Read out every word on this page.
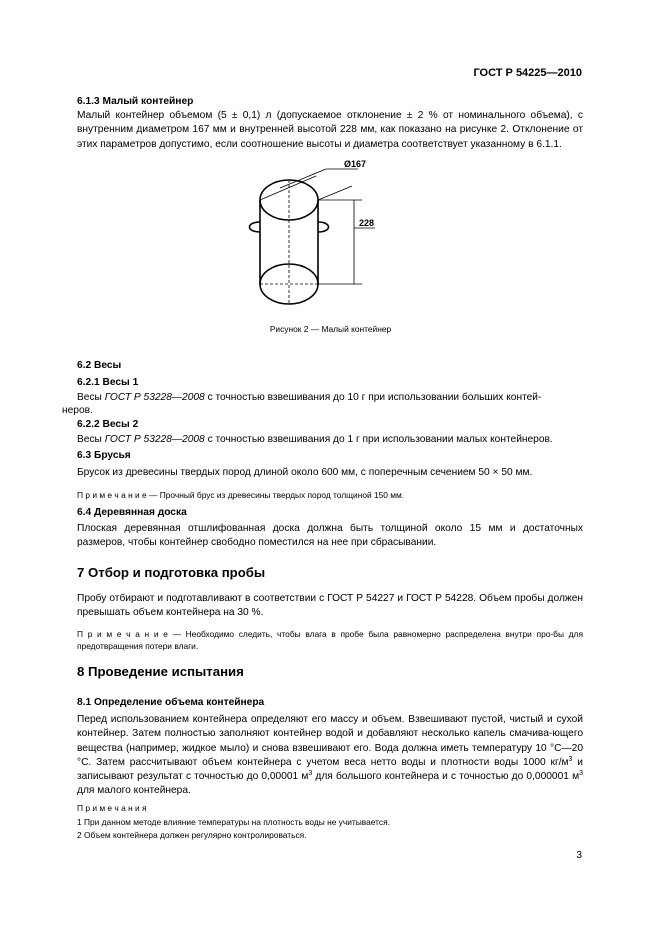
ГОСТ Р 54225—2010
6.1.3 Малый контейнер
Малый контейнер объемом (5 ± 0,1) л (допускаемое отклонение ± 2 % от номинального объема), с внутренним диаметром 167 мм и внутренней высотой 228 мм, как показано на рисунке 2. Отклонение от этих параметров допустимо, если соотношение высоты и диаметра соответствует указанному в 6.1.1.
Ø167
228
Рисунок 2 — Малый контейнер
6.2 Весы
6.2.1 Весы 1
Весы ГОСТ Р 53228—2008 с точностью взвешивания до 10 г при использовании больших контей-
неров.
6.2.2 Весы 2
Весы ГОСТ Р 53228—2008 с точностью взвешивания до 1 г при использовании малых контейнеров.
6.3 Брусья
Брусок из древесины твердых пород длиной около 600 мм, с поперечным сечением 50 × 50 мм.
П р и м е ч а н и е — Прочный брус из древесины твердых пород толщиной 150 мм.
6.4 Деревянная доска
Плоская деревянная отшлифованная доска должна быть толщиной около 15 мм и достаточных размеров, чтобы контейнер свободно поместился на нее при сбрасывании.
7 Отбор и подготовка пробы
Пробу отбирают и подготавливают в соответствии с ГОСТ Р 54227 и ГОСТ Р 54228. Объем пробы должен превышать объем контейнера на 30 %.
П р и м е ч а н и е — Необходимо следить, чтобы влага в пробе была равномерно распределена внутри про-бы для предотвращения потери влаги.
8 Проведение испытания
8.1 Определение объема контейнера
Перед использованием контейнера определяют его массу и объем. Взвешивают пустой, чистый и сухой контейнер. Затем полностью заполняют контейнер водой и добавляют несколько капель смачива-ющего вещества (например, жидкое мыло) и снова взвешивают его. Вода должна иметь температуру 10 °С—20 °С. Затем рассчитывают объем контейнера с учетом веса нетто воды и плотности воды 1000 $кг/м^3$ и записывают результат с точностью до 0,00001 $м^3$ для большого контейнера и с точностью до 0,000001 $м^3$ для малого контейнера.
П р и м е ч а н и я
1 При данном методе влияние температуры на плотность воды не учитывается.
2 Объем контейнера должен регулярно контролироваться.
3
